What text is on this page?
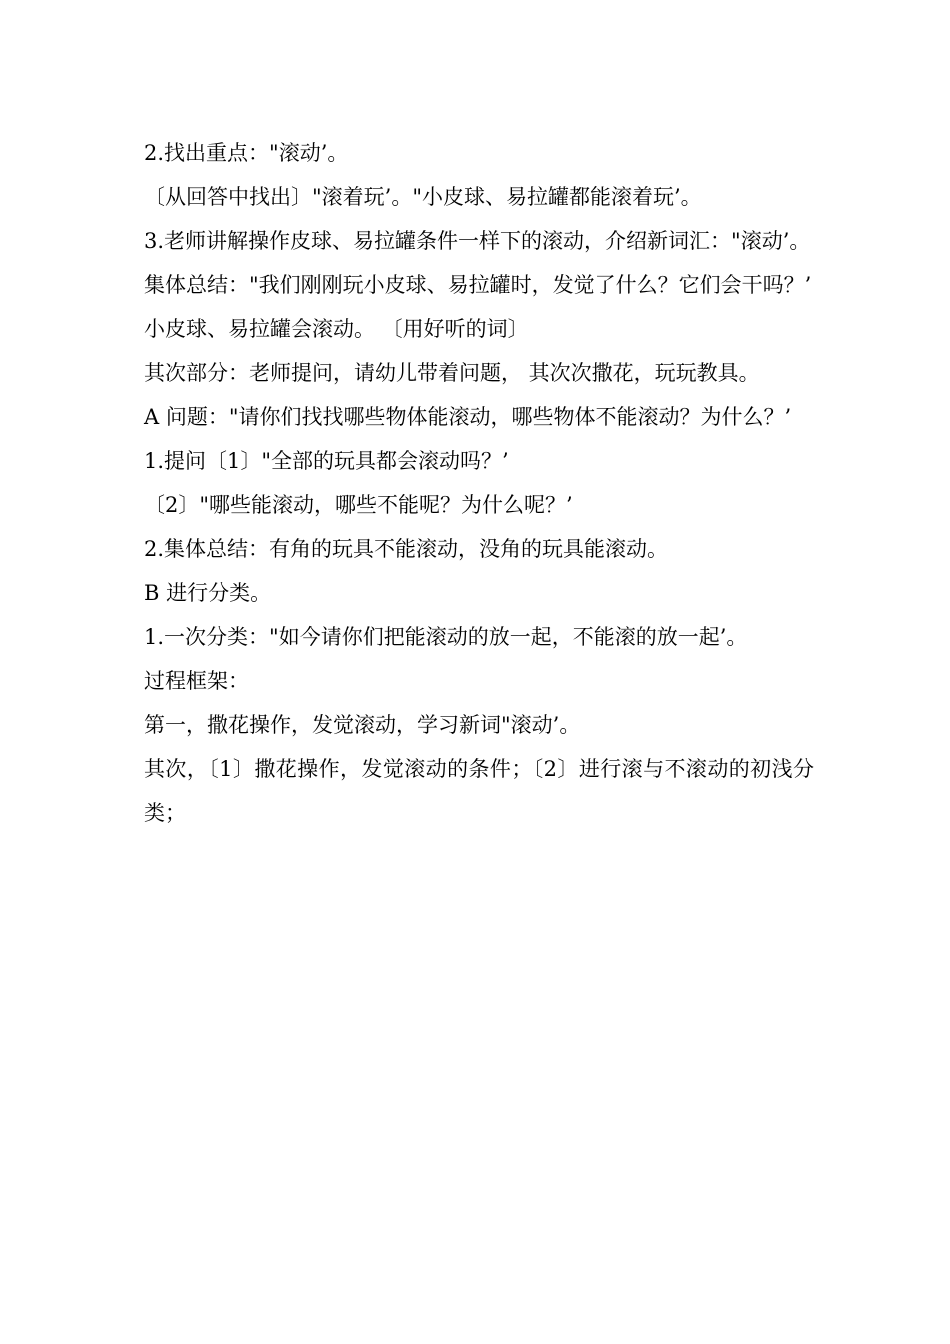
2.找出重点："滚动’。

〔从回答中找出〕"滚着玩’。"小皮球、易拉罐都能滚着玩’。

3.老师讲解操作皮球、易拉罐条件一样下的滚动，介绍新词汇："滚动’。

集体总结："我们刚刚玩小皮球、易拉罐时，发觉了什么？它们会干吗？’

小皮球、易拉罐会滚动。 〔用好听的词〕

其次部分：老师提问，请幼儿带着问题， 其次次撒花，玩玩教具。

A 问题："请你们找找哪些物体能滚动，哪些物体不能滚动？为什么？’

1.提问〔1〕"全部的玩具都会滚动吗？’

〔2〕"哪些能滚动，哪些不能呢？为什么呢？’

2.集体总结：有角的玩具不能滚动，没角的玩具能滚动。

B 进行分类。

1.一次分类："如今请你们把能滚动的放一起，不能滚的放一起’。

过程框架：

第一，撒花操作，发觉滚动，学习新词"滚动’。

其次，〔1〕撒花操作，发觉滚动的条件；〔2〕进行滚与不滚动的初浅分类；
